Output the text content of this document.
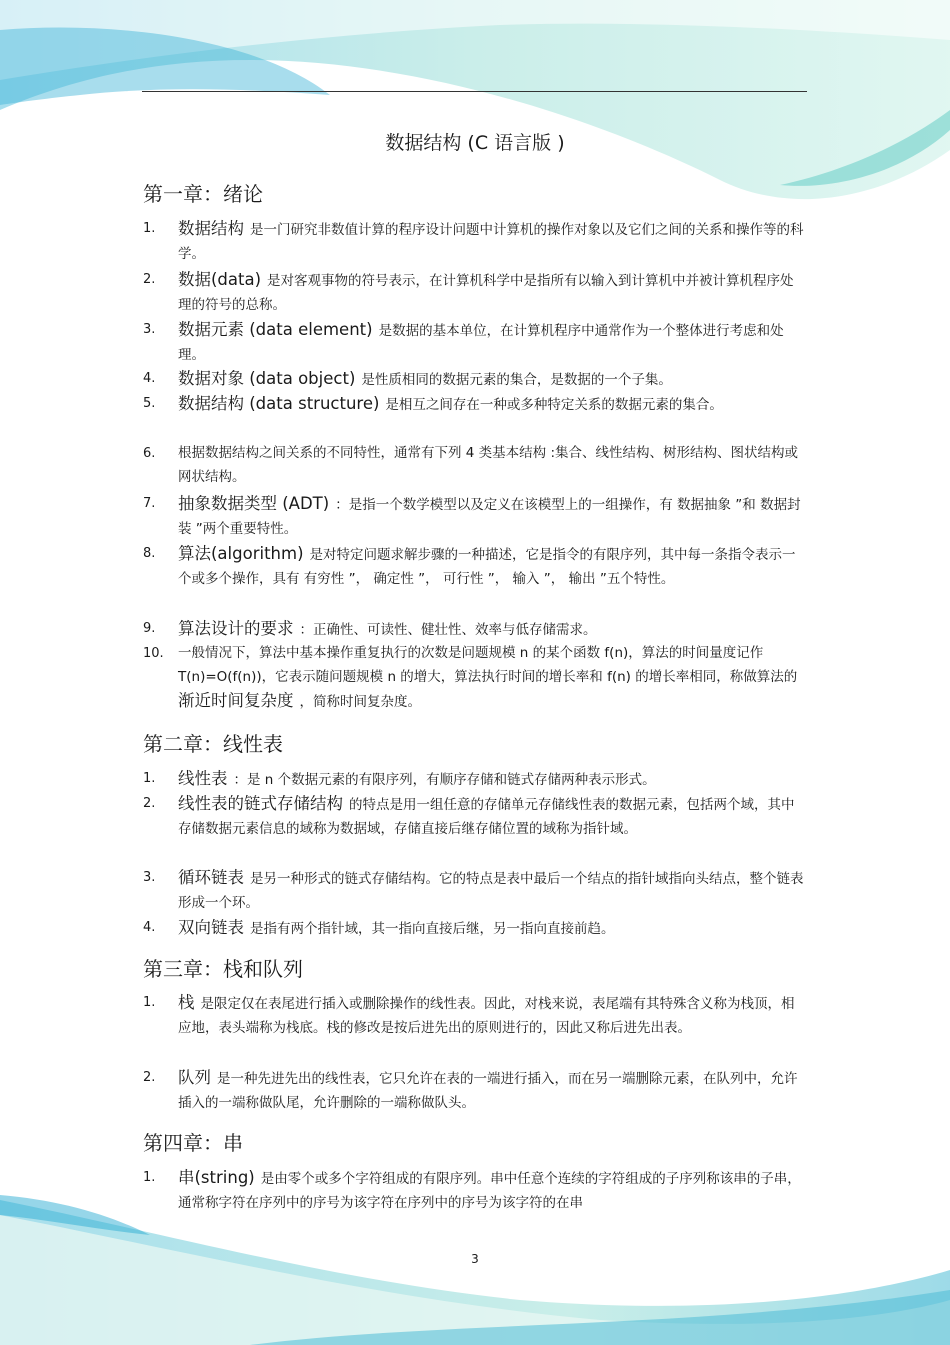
数据结构 (C 语言版 )
第一章：绪论
1.	数据结构 是一门研究非数值计算的程序设计问题中计算机的操作对象以及它们之间的关系和操作等的科学。
2.	数据(data) 是对客观事物的符号表示，在计算机科学中是指所有以输入到计算机中并被计算机程序处理的符号的总称。
3.	数据元素 (data element) 是数据的基本单位，在计算机程序中通常作为一个整体进行考虑和处理。
4.	数据对象 (data object) 是性质相同的数据元素的集合，是数据的一个子集。
5.	数据结构 (data structure) 是相互之间存在一种或多种特定关系的数据元素的集合。
6.	根据数据结构之间关系的不同特性，通常有下列 4 类基本结构 :集合、线性结构、树形结构、图状结构或网状结构。
7.	抽象数据类型 (ADT) ：是指一个数学模型以及定义在该模型上的一组操作，有 数据抽象 ”和 数据封装 ”两个重要特性。
8.	算法(algorithm) 是对特定问题求解步骤的一种描述，它是指令的有限序列，其中每一条指令表示一个或多个操作，具有 有穷性 ”， 确定性 ”， 可行性 ”， 输入 ”， 输出 ”五个特性。
9.	算法设计的要求 ：正确性、可读性、健壮性、效率与低存储需求。
10.	一般情况下，算法中基本操作重复执行的次数是问题规模 n 的某个函数 f(n)，算法的时间量度记作 T(n)=O(f(n))，它表示随问题规模 n 的增大，算法执行时间的增长率和 f(n) 的增长率相同，称做算法的 渐近时间复杂度 ，简称时间复杂度。
第二章：线性表
1.	线性表 ：是 n 个数据元素的有限序列，有顺序存储和链式存储两种表示形式。
2.	线性表的链式存储结构 的特点是用一组任意的存储单元存储线性表的数据元素，包括两个域，其中存储数据元素信息的域称为数据域，存储直接后继存储位置的域称为指针域。
3.	循环链表 是另一种形式的链式存储结构。它的特点是表中最后一个结点的指针域指向头结点，整个链表形成一个环。
4.	双向链表 是指有两个指针域，其一指向直接后继，另一指向直接前趋。
第三章：栈和队列
1.	栈 是限定仅在表尾进行插入或删除操作的线性表。因此，对栈来说，表尾端有其特殊含义称为栈顶，相应地，表头端称为栈底。栈的修改是按后进先出的原则进行的，因此又称后进先出表。
2.	队列 是一种先进先出的线性表，它只允许在表的一端进行插入，而在另一端删除元素，在队列中，允许插入的一端称做队尾，允许删除的一端称做队头。
第四章：串
1.	串(string) 是由零个或多个字符组成的有限序列。串中任意个连续的字符组成的子序列称该串的子串，通常称字符在序列中的序号为该字符在序列中的序号为该字符的在串
3
